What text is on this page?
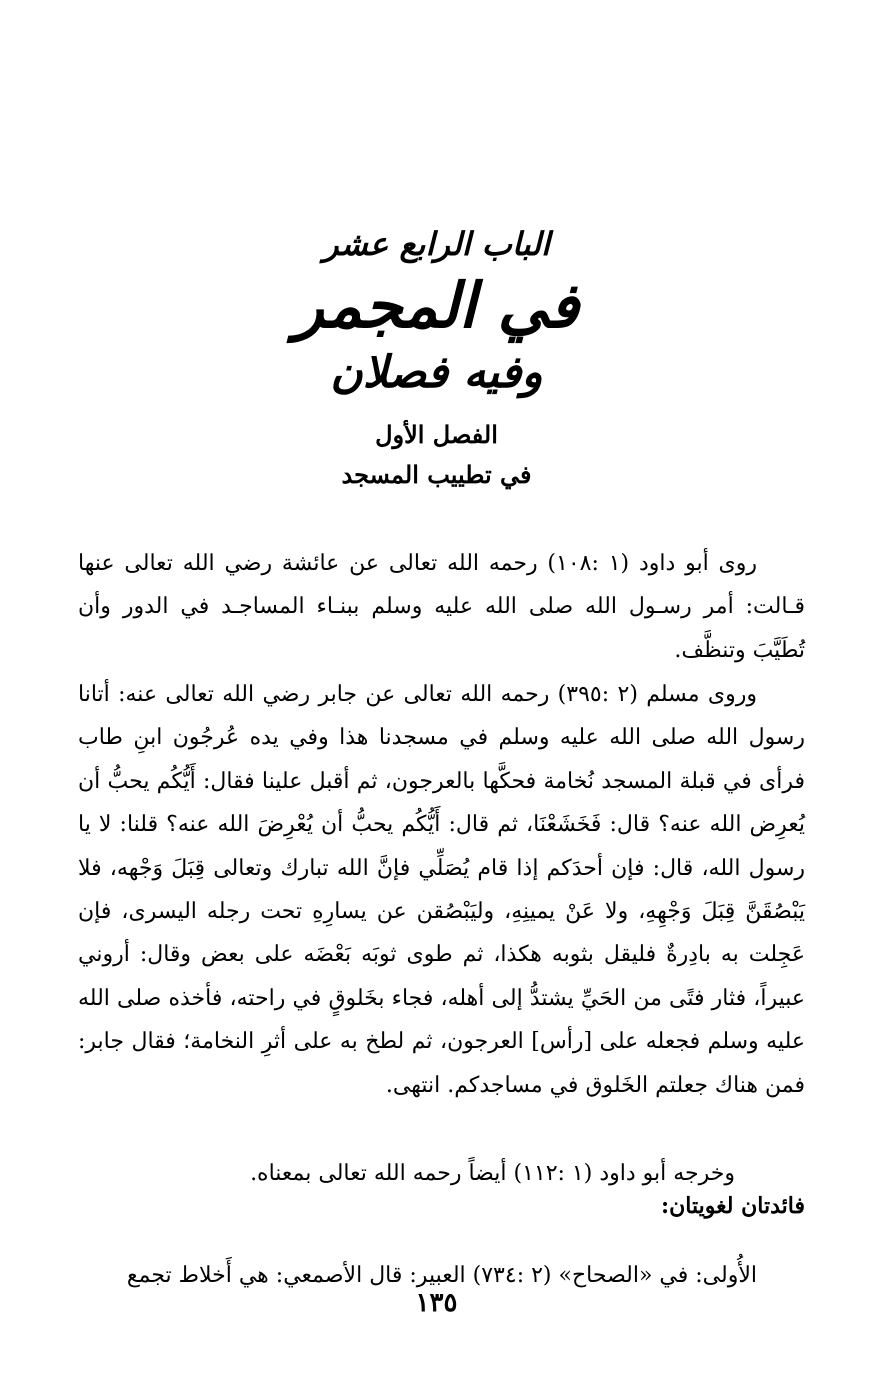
الباب الرابع عشر
في المجمر
وفيه فصلان
الفصل الأول
في تطييب المسجد

روى أبو داود (١ :١٠٨) رحمه الله تعالى عن عائشة رضي الله تعالى عنها قـالت: أمر رسـول الله صلى الله عليه وسلم ببنـاء المساجـد في الدور وأن تُطَيَّبَ وتنظَّف.

وروى مسلم (٢ :٣٩٥) رحمه الله تعالى عن جابر رضي الله تعالى عنه: أتانا رسول الله صلى الله عليه وسلم في مسجدنا هذا وفي يده عُرجُون ابنِ طاب فرأى في قبلة المسجد نُخامة فحكَّها بالعرجون، ثم أقبل علينا فقال: أَيُّكُم يحبُّ أن يُعرِض الله عنه؟ قال: فَخَشَعْنَا، ثم قال: أَيُّكُم يحبُّ أن يُعْرِضَ الله عنه؟ قلنا: لا يا رسول الله، قال: فإن أحدَكم إذا قام يُصَلِّي فإنَّ الله تبارك وتعالى قِبَلَ وَجْهه، فلا يَبْصُقَنَّ قِبَلَ وَجْهِهِ، ولا عَنْ يمينِهِ، وليَبْصُقن عن يسارِهِ تحت رجله اليسرى، فإن عَجِلت به بادِرةٌ فليقل بثوبه هكذا، ثم طوى ثوبَه بَعْضَه على بعض وقال: أروني عبيراً، فثار فتًى من الحَيِّ يشتدُّ إلى أهله، فجاء بخَلوقٍ في راحته، فأخذه صلى الله عليه وسلم فجعله على [رأس] العرجون، ثم لطخ به على أثرِ النخامة؛ فقال جابر: فمن هناك جعلتم الخَلوق في مساجدكم. انتهى.

وخرجه أبو داود (١ :١١٢) أيضاً رحمه الله تعالى بمعناه.

فائدتان لغويتان:

الأُولى: في «الصحاح» (٢ :٧٣٤) العبير: قال الأصمعي: هي أَخلاط تجمع

١٣٥
